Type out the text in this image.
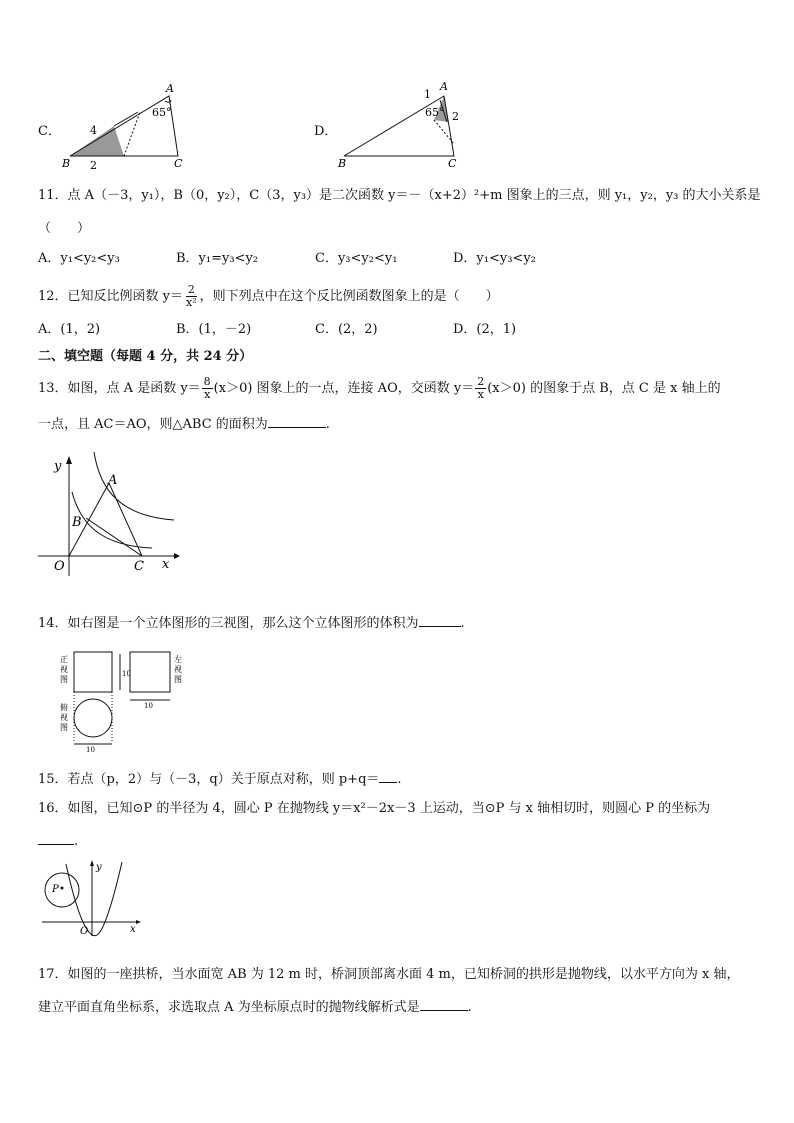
C．
A
B	C
65°
4
2
D．
A
B	C
65°
1
2
11．点 A（－3，y₁），B（0，y₂），C（3，y₃）是二次函数 y＝－（x+2）²+m 图象上的三点，则 y₁，y₂，y₃ 的大小关系是
（　　）
A．y₁<y₂<y₃	B．y₁=y₃<y₂	C．y₃<y₂<y₁	D．y₁<y₃<y₂
12．已知反比例函数 $y= \frac{2}{\text{x²}}$ ，则下列点中在这个反比例函数图象上的是（　　）
A．(1，2)	B．(1，－2)	C．(2，2)	D．(2，1)
二、填空题（每题 4 分，共 24 分）
13．如图，点 A 是函数 $y= \frac{8}{x} (x>0)$ 图象上的一点，连接 AO，交函数 $y= \frac{2}{x} (x>0)$ 的图象于点 B，点 C 是 x 轴上的
一点，且 AC＝AO，则△ABC 的面积为	.
y
A
B
O	C x
14．如右图是一个立体图形的三视图，那么这个立体图形的体积为	.
正
视
图
左
视
图
俯
视
图
10
10
10
15．若点（p，2）与（－3，q）关于原点对称，则 p+q＝ .
16．如图，已知⊙P 的半径为 4，圆心 P 在抛物线 y＝x²－2x－3 上运动，当⊙P 与 x 轴相切时，则圆心 P 的坐标为
.
P
y
O	x
17．如图的一座拱桥，当水面宽 AB 为 12 m 时，桥洞顶部离水面 4 m，已知桥洞的拱形是抛物线，以水平方向为 x 轴，
建立平面直角坐标系，求选取点 A 为坐标原点时的抛物线解析式是	.
